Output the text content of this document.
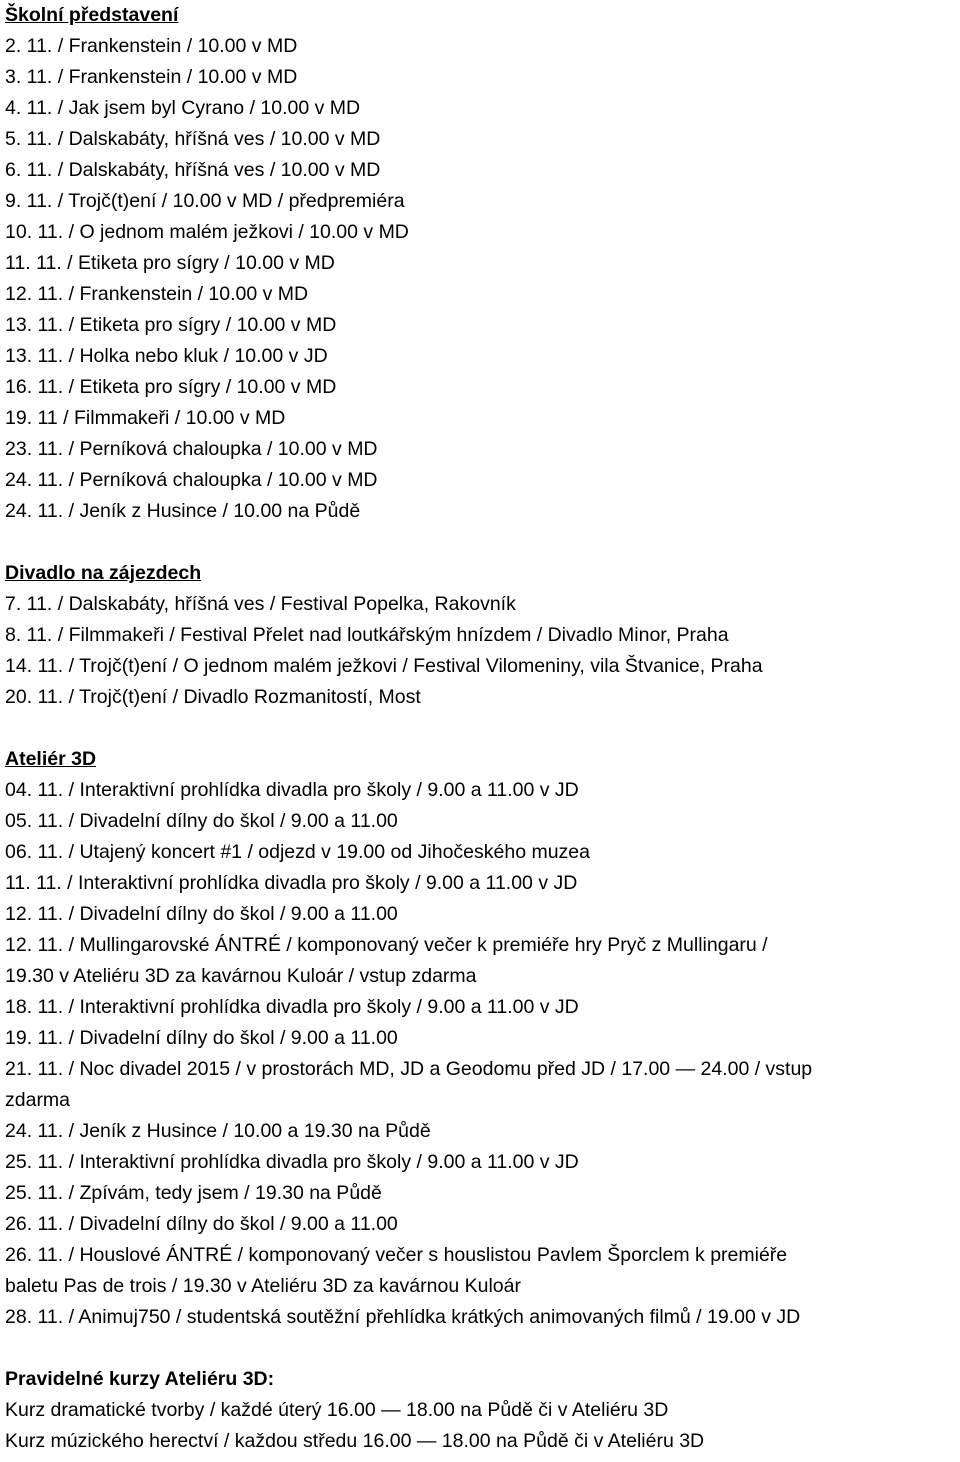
Školní představení
2. 11. / Frankenstein / 10.00 v MD
3. 11. / Frankenstein / 10.00 v MD
4. 11. / Jak jsem byl Cyrano / 10.00 v MD
5. 11. / Dalskabáty, hříšná ves / 10.00 v MD
6. 11. / Dalskabáty, hříšná ves / 10.00 v MD
9. 11. / Trojč(t)ení / 10.00 v MD / předpremiéra
10. 11. / O jednom malém ježkovi / 10.00 v MD
11. 11. / Etiketa pro sígry / 10.00 v MD
12. 11. / Frankenstein / 10.00 v MD
13. 11. / Etiketa pro sígry / 10.00 v MD
13. 11. / Holka nebo kluk / 10.00 v JD
16. 11. / Etiketa pro sígry / 10.00 v MD
19. 11 / Filmmakeři / 10.00 v MD
23. 11. / Perníková chaloupka / 10.00 v MD
24. 11. / Perníková chaloupka / 10.00 v MD
24. 11. / Jeník z Husince / 10.00 na Půdě
Divadlo na zájezdech
7. 11. / Dalskabáty, hříšná ves / Festival Popelka, Rakovník
8. 11. / Filmmakeři / Festival Přelet nad loutkářským hnízdem / Divadlo Minor, Praha
14. 11. / Trojč(t)ení / O jednom malém ježkovi / Festival Vilomeniny, vila Štvanice, Praha
20. 11. / Trojč(t)ení / Divadlo Rozmanitostí, Most
Ateliér 3D
04. 11. / Interaktivní prohlídka divadla pro školy / 9.00 a 11.00 v JD
05. 11. / Divadelní dílny do škol / 9.00 a 11.00
06. 11. / Utajený koncert #1 / odjezd v 19.00 od Jihočeského muzea
11. 11. / Interaktivní prohlídka divadla pro školy / 9.00 a 11.00 v JD
12. 11. / Divadelní dílny do škol / 9.00 a 11.00
12. 11. / Mullingarovské ÁNTRÉ / komponovaný večer k premiéře hry Pryč z Mullingaru /
19.30 v Ateliéru 3D za kavárnou Kuloár / vstup zdarma
18. 11. / Interaktivní prohlídka divadla pro školy / 9.00 a 11.00 v JD
19. 11. / Divadelní dílny do škol / 9.00 a 11.00
21. 11. / Noc divadel 2015 / v prostorách MD, JD a Geodomu před JD / 17.00 — 24.00 / vstup
zdarma
24. 11. / Jeník z Husince / 10.00 a 19.30 na Půdě
25. 11. / Interaktivní prohlídka divadla pro školy / 9.00 a 11.00 v JD
25. 11. / Zpívám, tedy jsem / 19.30 na Půdě
26. 11. / Divadelní dílny do škol / 9.00 a 11.00
26. 11. / Houslové ÁNTRÉ / komponovaný večer s houslistou Pavlem Šporclem k premiéře
baletu Pas de trois / 19.30 v Ateliéru 3D za kavárnou Kuloár
28. 11. / Animuj750 / studentská soutěžní přehlídka krátkých animovaných filmů / 19.00 v JD
Pravidelné kurzy Ateliéru 3D:
Kurz dramatické tvorby / každé úterý 16.00 — 18.00 na Půdě či v Ateliéru 3D
Kurz múzického herectví / každou středu 16.00 — 18.00 na Půdě či v Ateliéru 3D
